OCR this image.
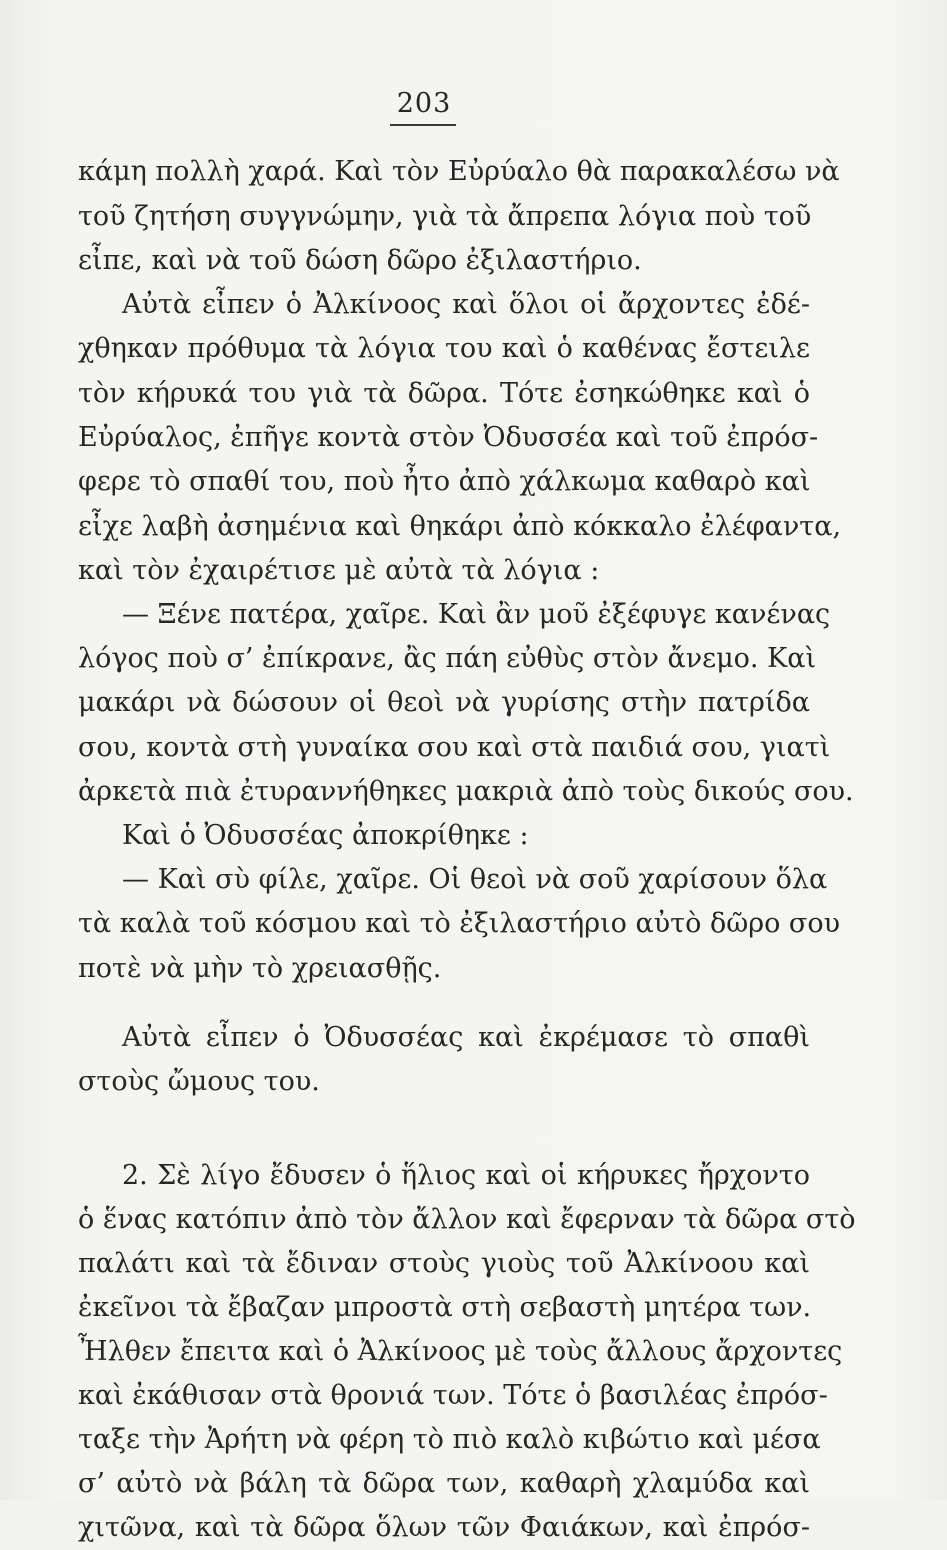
203
κάμη πολλὴ χαρά. Καὶ τὸν Εὐρύαλο θὰ παρακαλέσω νὰ
τοῦ ζητήση συγγνώμην, γιὰ τὰ ἄπρεπα λόγια ποὺ τοῦ
εἶπε, καὶ νὰ τοῦ δώση δῶρο ἐξιλαστήριο.
Αὐτὰ εἶπεν ὁ Ἀλκίνοος καὶ ὅλοι οἱ ἄρχοντες ἐδέ-
χθηκαν πρόθυμα τὰ λόγια του καὶ ὁ καθένας ἔστειλε
τὸν κήρυκά του γιὰ τὰ δῶρα. Τότε ἐσηκώθηκε καὶ ὁ
Εὐρύαλος, ἐπῆγε κοντὰ στὸν Ὀδυσσέα καὶ τοῦ ἐπρόσ-
φερε τὸ σπαθί του, ποὺ ἦτο ἀπὸ χάλκωμα καθαρὸ καὶ
εἶχε λαβὴ ἀσημένια καὶ θηκάρι ἀπὸ κόκκαλο ἐλέφαντα,
καὶ τὸν ἐχαιρέτισε μὲ αὐτὰ τὰ λόγια :
— Ξένε πατέρα, χαῖρε. Καὶ ἂν μοῦ ἐξέφυγε κανένας
λόγος ποὺ σ’ ἐπίκρανε, ἂς πάη εὐθὺς στὸν ἄνεμο. Καὶ
μακάρι νὰ δώσουν οἱ θεοὶ νὰ γυρίσης στὴν πατρίδα
σου, κοντὰ στὴ γυναίκα σου καὶ στὰ παιδιά σου, γιατὶ
ἀρκετὰ πιὰ ἐτυραννήθηκες μακριὰ ἀπὸ τοὺς δικούς σου.
Καὶ ὁ Ὀδυσσέας ἀποκρίθηκε :
— Καὶ σὺ φίλε, χαῖρε. Οἱ θεοὶ νὰ σοῦ χαρίσουν ὅλα
τὰ καλὰ τοῦ κόσμου καὶ τὸ ἐξιλαστήριο αὐτὸ δῶρο σου
ποτὲ νὰ μὴν τὸ χρειασθῇς.
Αὐτὰ εἶπεν ὁ Ὀδυσσέας καὶ ἐκρέμασε τὸ σπαθὶ
στοὺς ὤμους του.
2. Σὲ λίγο ἔδυσεν ὁ ἥλιος καὶ οἱ κήρυκες ἤρχοντο
ὁ ἕνας κατόπιν ἀπὸ τὸν ἄλλον καὶ ἔφερναν τὰ δῶρα στὸ
παλάτι καὶ τὰ ἔδιναν στοὺς γιοὺς τοῦ Ἀλκίνοου καὶ
ἐκεῖνοι τὰ ἔβαζαν μπροστὰ στὴ σεβαστὴ μητέρα των.
Ἦλθεν ἔπειτα καὶ ὁ Ἀλκίνοος μὲ τοὺς ἄλλους ἄρχοντες
καὶ ἐκάθισαν στὰ θρονιά των. Τότε ὁ βασιλέας ἐπρόσ-
ταξε τὴν Ἀρήτη νὰ φέρη τὸ πιὸ καλὸ κιβώτιο καὶ μέσα
σ’ αὐτὸ νὰ βάλη τὰ δῶρα των, καθαρὴ χλαμύδα καὶ
χιτῶνα, καὶ τὰ δῶρα ὅλων τῶν Φαιάκων, καὶ ἐπρόσ-
